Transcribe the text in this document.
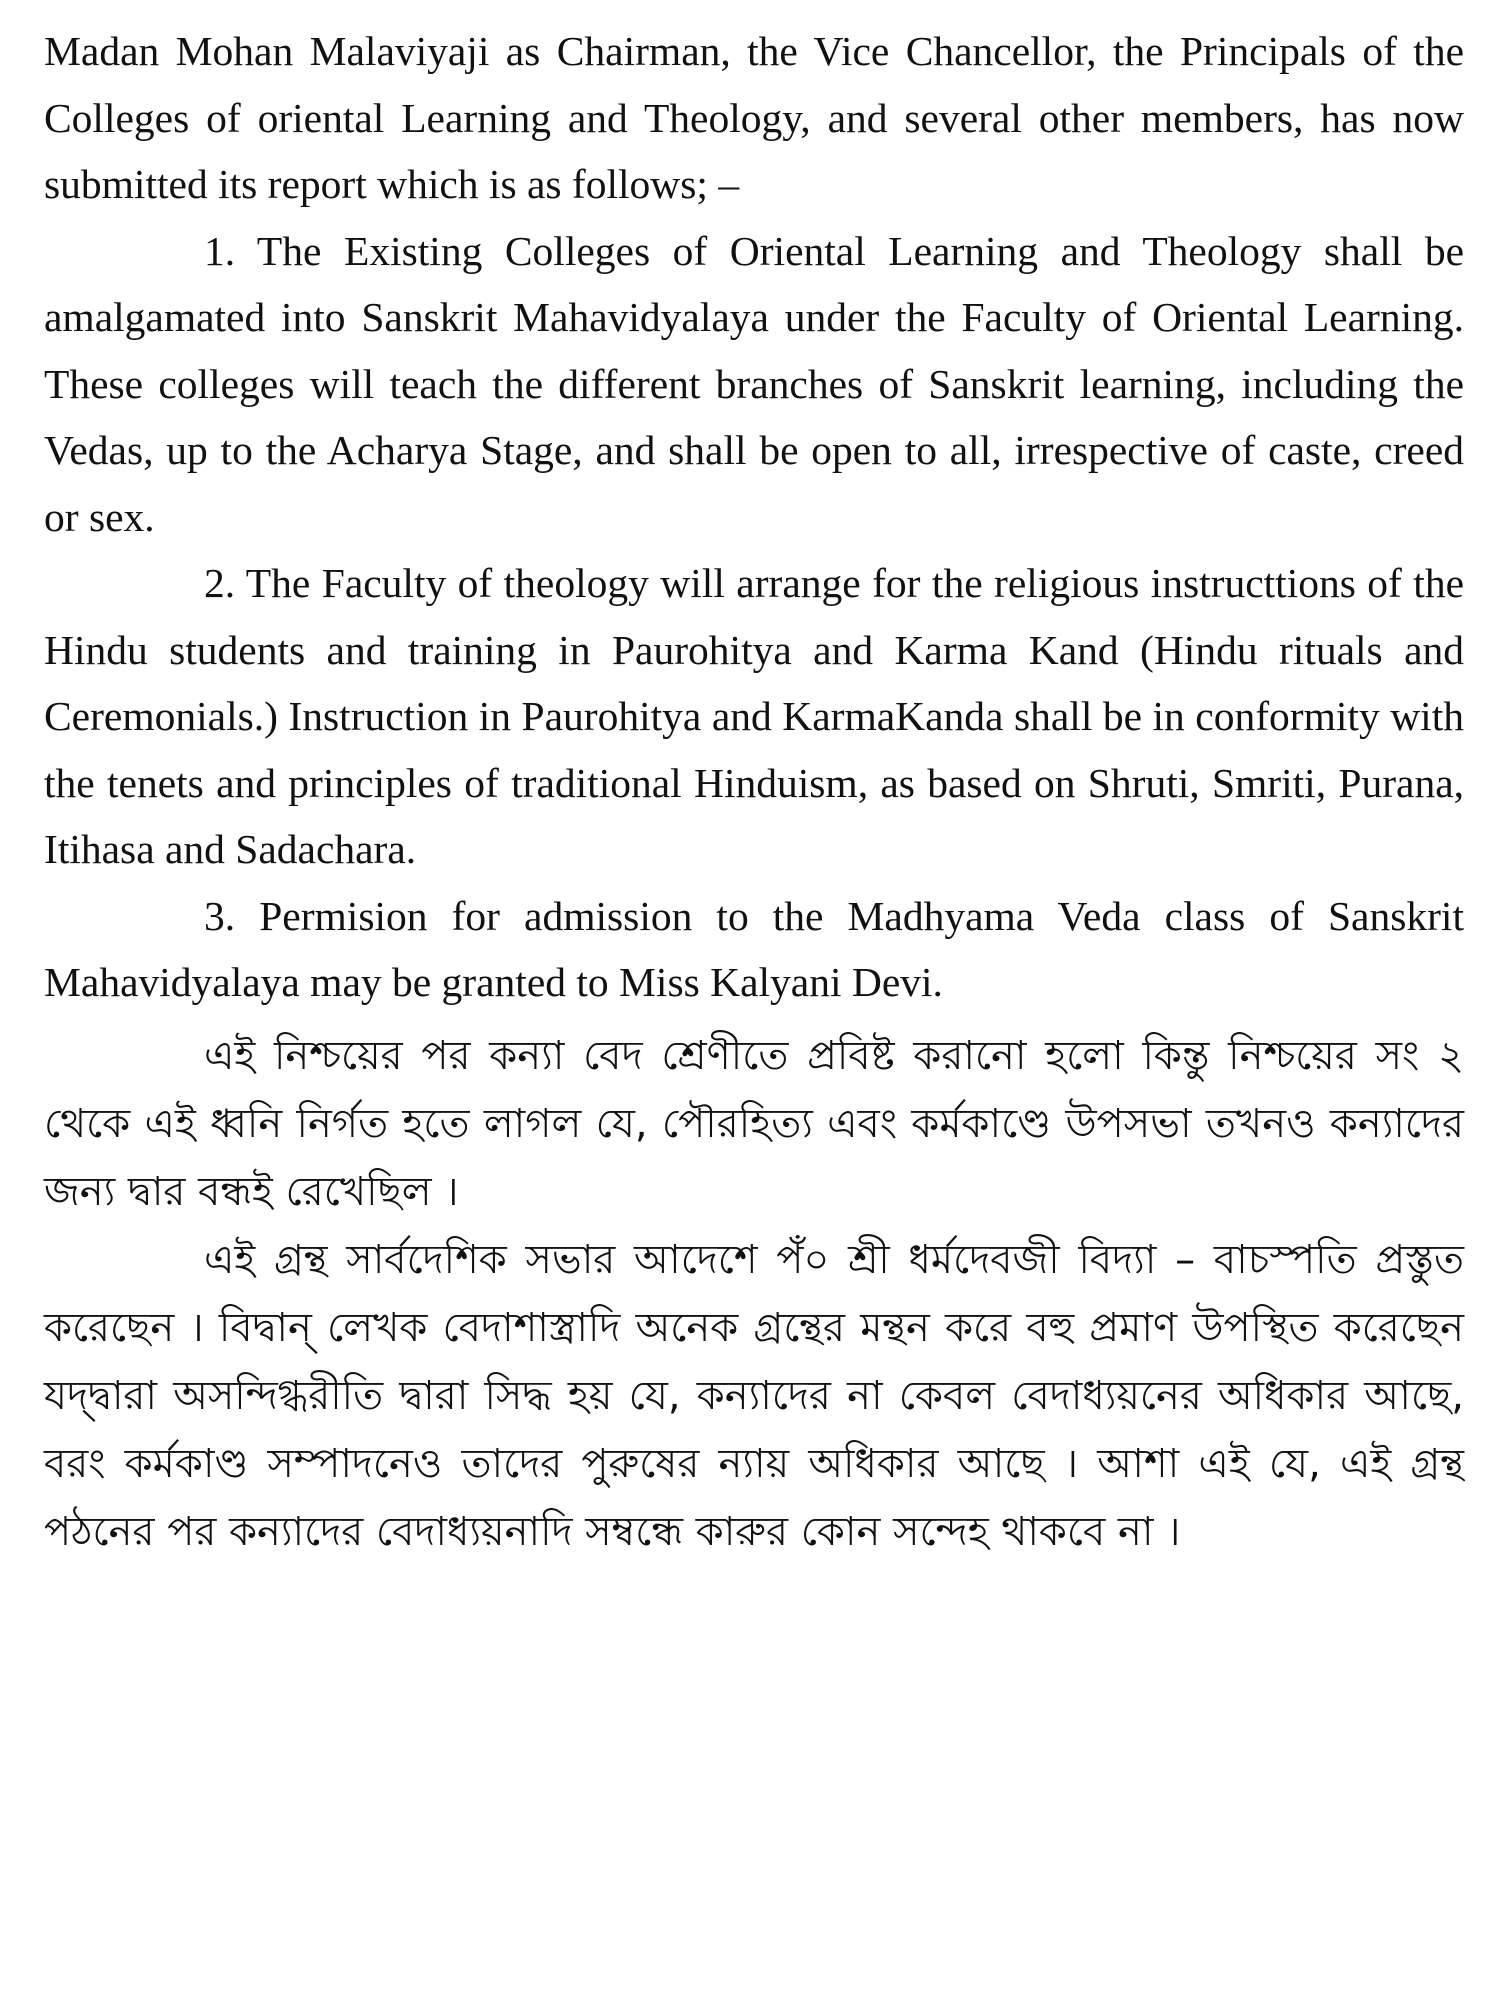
Madan Mohan Malaviyaji as Chairman, the Vice Chancellor, the Principals of the Colleges of oriental Learning and Theology, and several other members, has now submitted its report which is as follows; –

1. The Existing Colleges of Oriental Learning and Theology shall be amalgamated into Sanskrit Mahavidyalaya under the Faculty of Oriental Learning. These colleges will teach the different branches of Sanskrit learning, including the Vedas, up to the Acharya Stage, and shall be open to all, irrespective of caste, creed or sex.

2. The Faculty of theology will arrange for the religious instructtions of the Hindu students and training in Paurohitya and Karma Kand (Hindu rituals and Ceremonials.) Instruction in Paurohitya and KarmaKanda shall be in conformity with the tenets and principles of traditional Hinduism, as based on Shruti, Smriti, Purana, Itihasa and Sadachara.

3. Permision for admission to the Madhyama Veda class of Sanskrit Mahavidyalaya may be granted to Miss Kalyani Devi.

এই নিশ্চয়ের পর কন্যা বেদ শ্রেণীতে প্রবিষ্ট করানো হলো কিন্তু নিশ্চয়ের সং ২ থেকে এই ধ্বনি নির্গত হতে লাগল যে, পৌরহিত্য এবং কর্মকাণ্ডে উপসভা তখনও কন্যাদের জন্য দ্বার বন্ধই রেখেছিল ।

এই গ্রন্থ সার্বদেশিক সভার আদেশে পঁ০ শ্রী ধর্মদেবজী বিদ্যা – বাচস্পতি প্রস্তুত করেছেন । বিদ্বান্ লেখক বেদাশাস্ত্রাদি অনেক গ্রন্থের মন্থন করে বহু প্রমাণ উপস্থিত করেছেন যদ্দ্বারা অসন্দিগ্ধরীতি দ্বারা সিদ্ধ হয় যে, কন্যাদের না কেবল বেদাধ্যয়নের অধিকার আছে, বরং কর্মকাণ্ড সম্পাদনেও তাদের পুরুষের ন্যায় অধিকার আছে । আশা এই যে, এই গ্রন্থ পঠনের পর কন্যাদের বেদাধ্যয়নাদি সম্বন্ধে কারুর কোন সন্দেহ থাকবে না ।
